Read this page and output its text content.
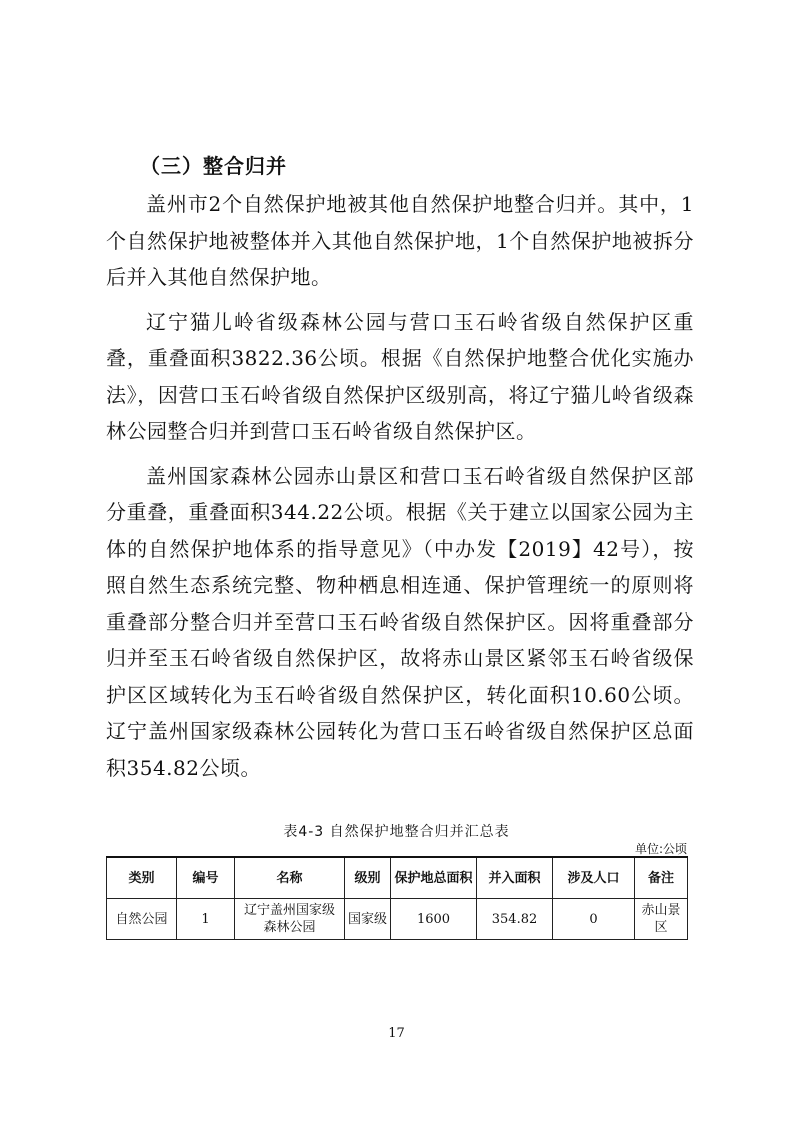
（三）整合归并

盖州市2个自然保护地被其他自然保护地整合归并。其中，1个自然保护地被整体并入其他自然保护地，1个自然保护地被拆分后并入其他自然保护地。

辽宁猫儿岭省级森林公园与营口玉石岭省级自然保护区重叠，重叠面积3822.36公顷。根据《自然保护地整合优化实施办法》，因营口玉石岭省级自然保护区级别高，将辽宁猫儿岭省级森林公园整合归并到营口玉石岭省级自然保护区。

盖州国家森林公园赤山景区和营口玉石岭省级自然保护区部分重叠，重叠面积344.22公顷。根据《关于建立以国家公园为主体的自然保护地体系的指导意见》（中办发【2019】42号），按照自然生态系统完整、物种栖息相连通、保护管理统一的原则将重叠部分整合归并至营口玉石岭省级自然保护区。因将重叠部分归并至玉石岭省级自然保护区，故将赤山景区紧邻玉石岭省级保护区区域转化为玉石岭省级自然保护区，转化面积10.60公顷。辽宁盖州国家级森林公园转化为营口玉石岭省级自然保护区总面积354.82公顷。

表4-3 自然保护地整合归并汇总表
单位:公顷
类别	编号	名称	级别	保护地总面积	并入面积	涉及人口	备注
自然公园	1	辽宁盖州国家级森林公园	国家级	1600	354.82	0	赤山景区
17
